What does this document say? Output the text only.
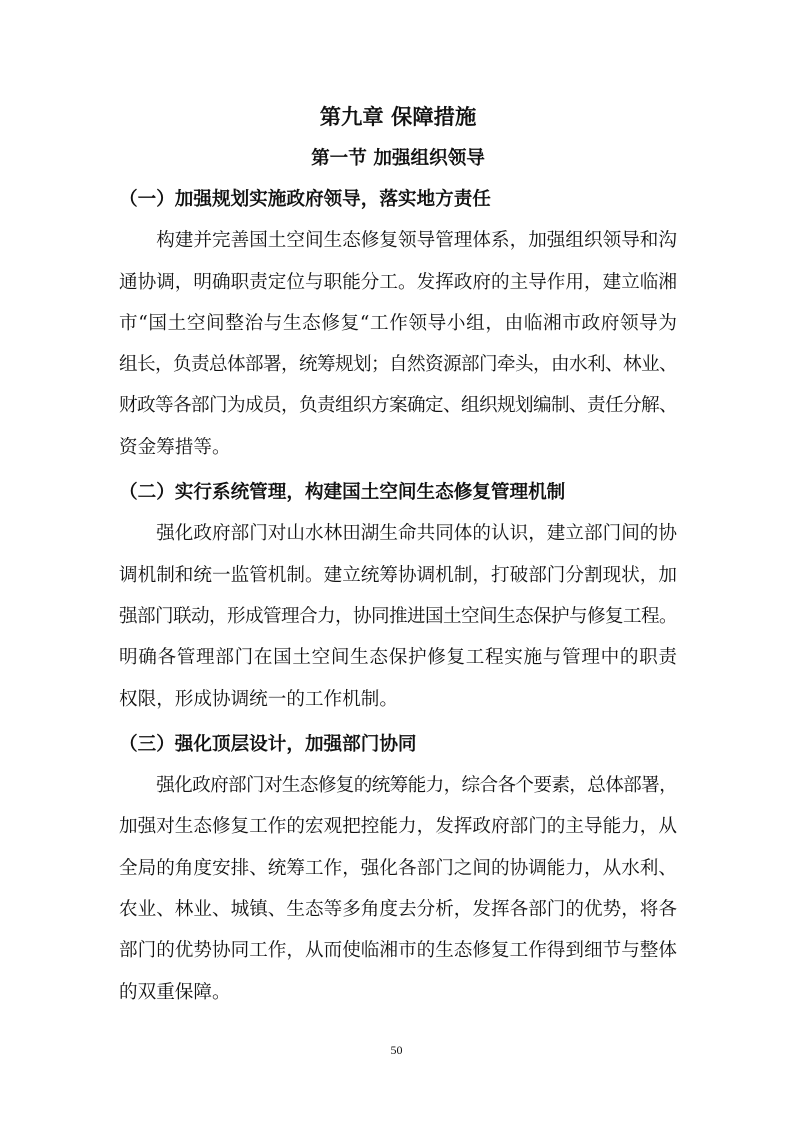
第九章 保障措施
第一节 加强组织领导
（一）加强规划实施政府领导，落实地方责任

构建并完善国土空间生态修复领导管理体系，加强组织领导和沟
通协调，明确职责定位与职能分工。发挥政府的主导作用，建立临湘
市“国土空间整治与生态修复“工作领导小组，由临湘市政府领导为
组长，负责总体部署，统筹规划；自然资源部门牵头，由水利、林业、
财政等各部门为成员，负责组织方案确定、组织规划编制、责任分解、
资金筹措等。

（二）实行系统管理，构建国土空间生态修复管理机制

强化政府部门对山水林田湖生命共同体的认识，建立部门间的协
调机制和统一监管机制。建立统筹协调机制，打破部门分割现状，加
强部门联动，形成管理合力，协同推进国土空间生态保护与修复工程。
明确各管理部门在国土空间生态保护修复工程实施与管理中的职责
权限，形成协调统一的工作机制。

（三）强化顶层设计，加强部门协同

强化政府部门对生态修复的统筹能力，综合各个要素，总体部署，
加强对生态修复工作的宏观把控能力，发挥政府部门的主导能力，从
全局的角度安排、统筹工作，强化各部门之间的协调能力，从水利、
农业、林业、城镇、生态等多角度去分析，发挥各部门的优势，将各
部门的优势协同工作，从而使临湘市的生态修复工作得到细节与整体
的双重保障。

50
